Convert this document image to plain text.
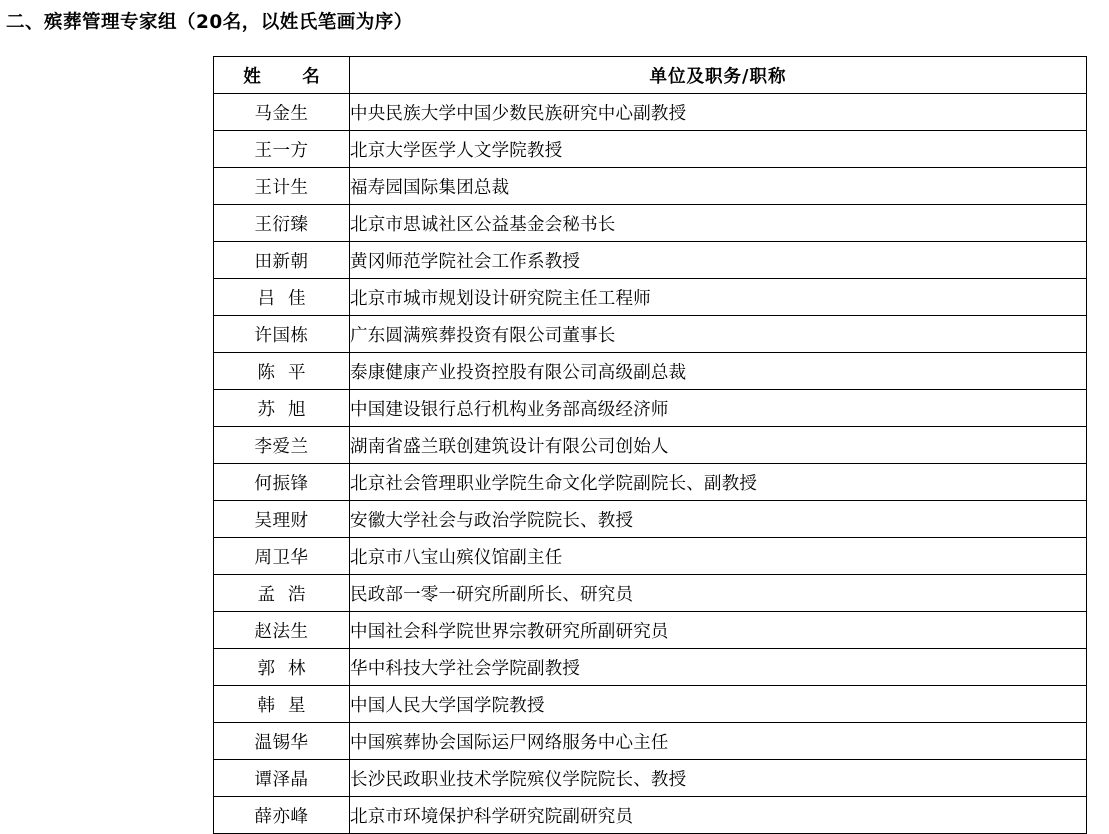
二、殡葬管理专家组（20名，以姓氏笔画为序）
姓　名	单位及职务/职称
马金生	中央民族大学中国少数民族研究中心副教授
王一方	北京大学医学人文学院教授
王计生	福寿园国际集团总裁
王衍臻	北京市思诚社区公益基金会秘书长
田新朝	黄冈师范学院社会工作系教授
吕佳	北京市城市规划设计研究院主任工程师
许国栋	广东圆满殡葬投资有限公司董事长
陈平	泰康健康产业投资控股有限公司高级副总裁
苏旭	中国建设银行总行机构业务部高级经济师
李爱兰	湖南省盛兰联创建筑设计有限公司创始人
何振锋	北京社会管理职业学院生命文化学院副院长、副教授
吴理财	安徽大学社会与政治学院院长、教授
周卫华	北京市八宝山殡仪馆副主任
孟浩	民政部一零一研究所副所长、研究员
赵法生	中国社会科学院世界宗教研究所副研究员
郭林	华中科技大学社会学院副教授
韩星	中国人民大学国学院教授
温锡华	中国殡葬协会国际运尸网络服务中心主任
谭泽晶	长沙民政职业技术学院殡仪学院院长、教授
薛亦峰	北京市环境保护科学研究院副研究员
